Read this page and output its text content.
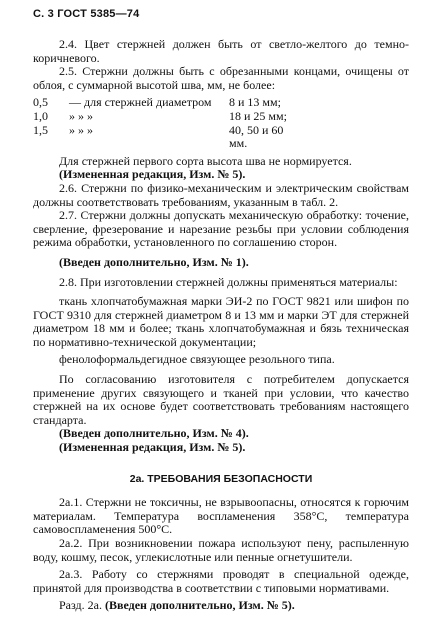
С. 3 ГОСТ 5385—74

2.4. Цвет стержней должен быть от светло-желтого до темно-коричневого.

2.5. Стержни должны быть с обрезанными концами, очищены от облоя, с суммарной высотой шва, мм, не более:

0,5	— для стержней диаметром	8 и 13 мм;
1,0	» » »	18 и 25 мм;
1,5	» » »	40, 50 и 60 мм.

Для стержней первого сорта высота шва не нормируется.

(Измененная редакция, Изм. № 5).

2.6. Стержни по физико-механическим и электрическим свойствам должны соответствовать требованиям, указанным в табл. 2.

2.7. Стержни должны допускать механическую обработку: точение, сверление, фрезерование и нарезание резьбы при условии соблюдения режима обработки, установленного по соглашению сторон.

(Введен дополнительно, Изм. № 1).

2.8. При изготовлении стержней должны применяться материалы:

ткань хлопчатобумажная марки ЭИ-2 по ГОСТ 9821 или шифон по ГОСТ 9310 для стержней диаметром 8 и 13 мм и марки ЭТ для стержней диаметром 18 мм и более; ткань хлопчатобумажная и бязь техническая по нормативно-технической документации;

фенолоформальдегидное связующее резольного типа.

По согласованию изготовителя с потребителем допускается применение других связующего и тканей при условии, что качество стержней на их основе будет соответствовать требованиям настоящего стандарта.

(Введен дополнительно, Изм. № 4).

(Измененная редакция, Изм. № 5).

2а. ТРЕБОВАНИЯ БЕЗОПАСНОСТИ

2а.1. Стержни не токсичны, не взрывоопасны, относятся к горючим материалам. Температура воспламенения 358°С, температура самовоспламенения 500°С.

2а.2. При возникновении пожара используют пену, распыленную воду, кошму, песок, углекислотные или пенные огнетушители.

2а.3. Работу со стержнями проводят в специальной одежде, принятой для производства в соответствии с типовыми нормативами.

Разд. 2а. (Введен дополнительно, Изм. № 5).
